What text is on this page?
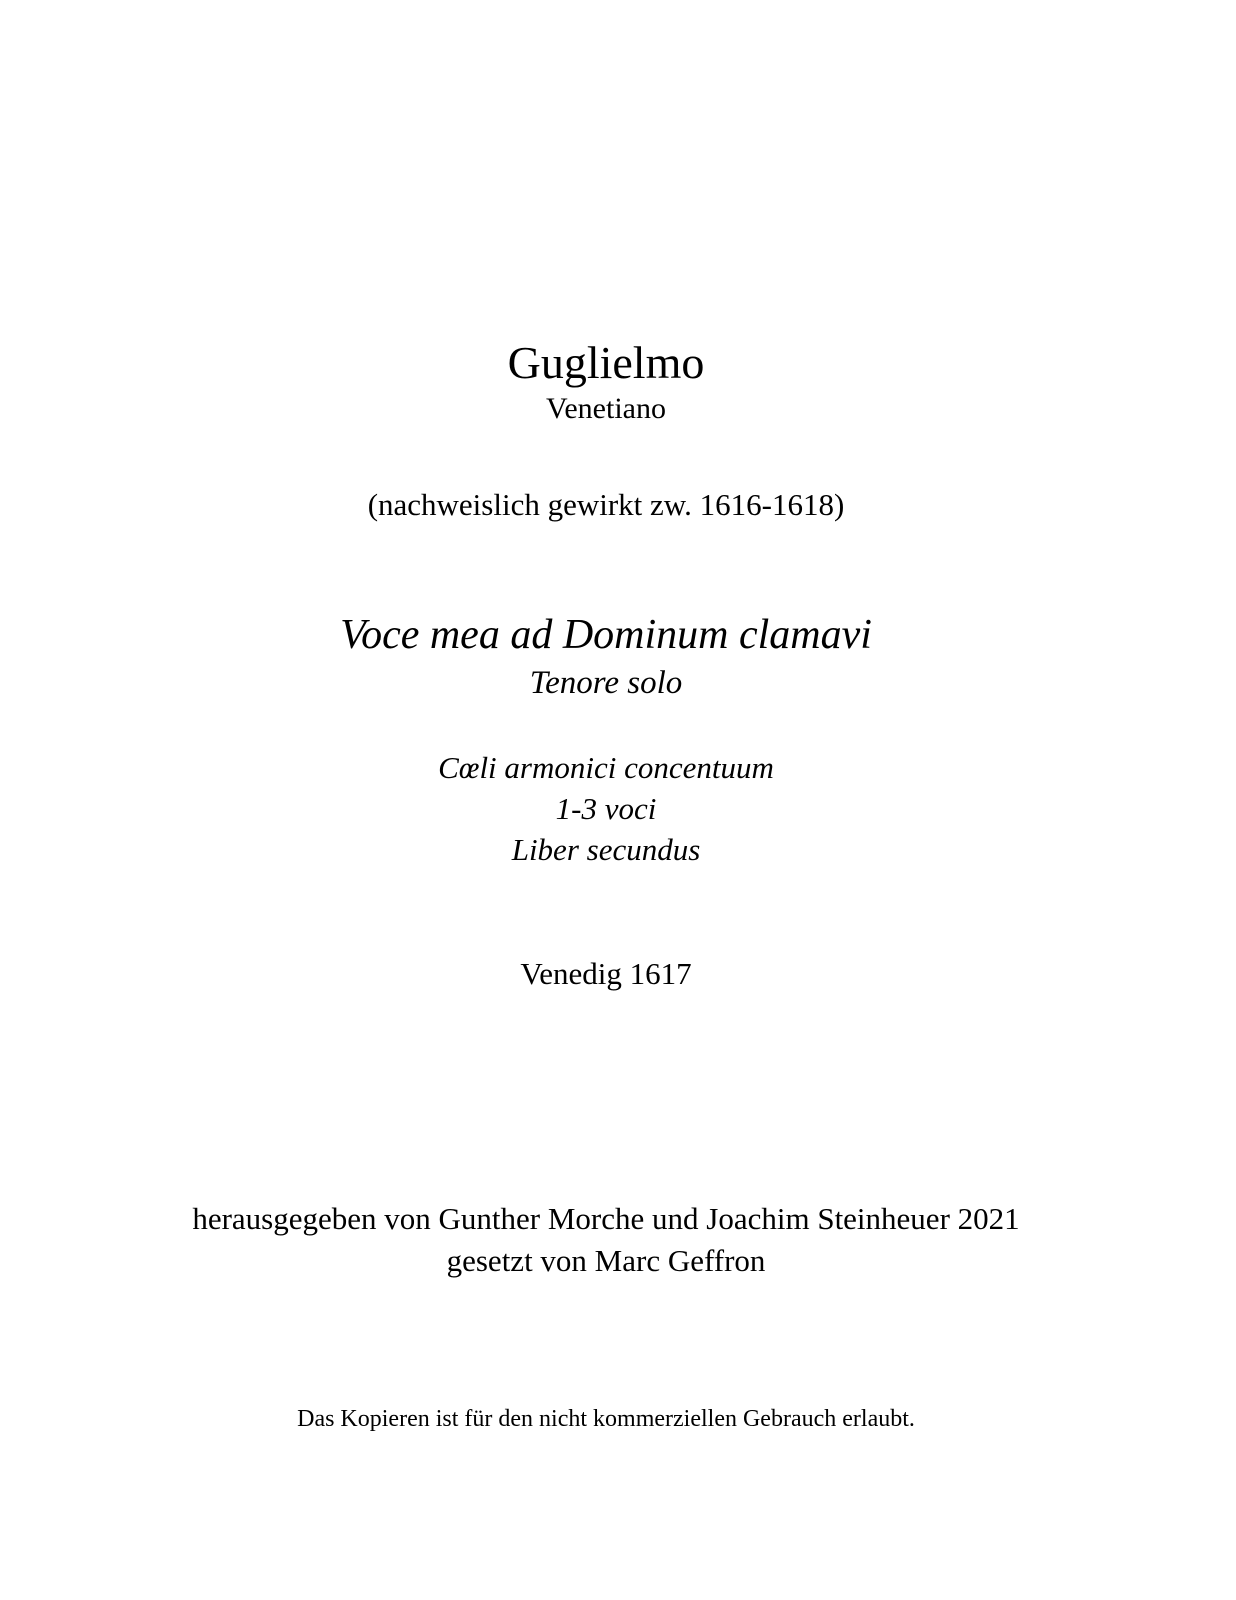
Guglielmo
Venetiano
(nachweislich gewirkt zw. 1616-1618)
Voce mea ad Dominum clamavi
Tenore solo
Cœli armonici concentuum
1-3 voci
Liber secundus
Venedig 1617
herausgegeben von Gunther Morche und Joachim Steinheuer 2021
gesetzt von Marc Geffron
Das Kopieren ist für den nicht kommerziellen Gebrauch erlaubt.
